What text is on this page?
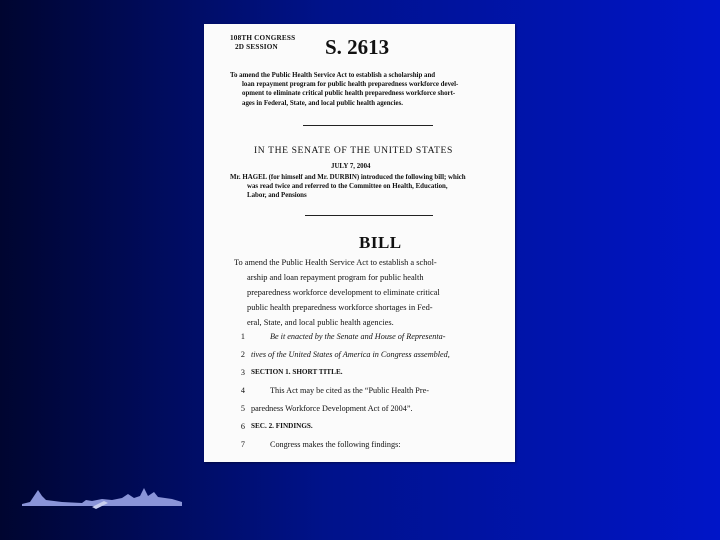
108TH CONGRESS
2D SESSION	S. 2613
To amend the Public Health Service Act to establish a scholarship and
loan repayment program for public health preparedness workforce devel-
opment to eliminate critical public health preparedness workforce short-
ages in Federal, State, and local public health agencies.
IN THE SENATE OF THE UNITED STATES
JULY 7, 2004
Mr. HAGEL (for himself and Mr. DURBIN) introduced the following bill; which
was read twice and referred to the Committee on Health, Education,
Labor, and Pensions
BILL
To amend the Public Health Service Act to establish a schol-
arship and loan repayment program for public health
preparedness workforce development to eliminate critical
public health preparedness workforce shortages in Fed-
eral, State, and local public health agencies.
1	Be it enacted by the Senate and House of Representa-
2 tives of the United States of America in Congress assembled,
3 SECTION 1. SHORT TITLE.
4	This Act may be cited as the “Public Health Pre-
5 paredness Workforce Development Act of 2004”.
6 SEC. 2. FINDINGS.
7	Congress makes the following findings:
